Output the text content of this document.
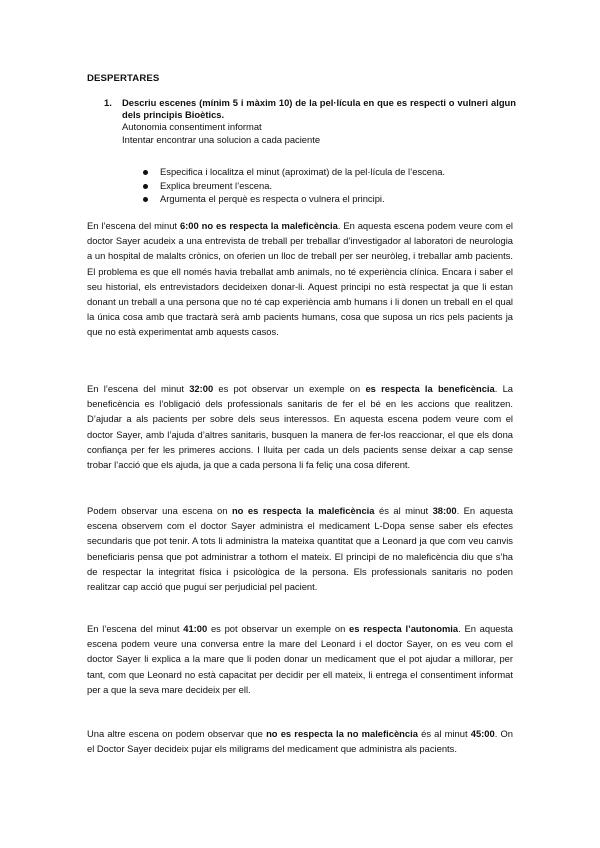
DESPERTARES
1. Descriu escenes (mínim 5 i màxim 10) de la pel·lícula en que es respecti o vulneri algun dels principis Bioètics.
Autonomia consentiment informat
Intentar encontrar una solucion a cada paciente
Especifica i localitza el minut (aproximat) de la pel·lícula de l’escena.
Explica breument l’escena.
Argumenta el perquè es respecta o vulnera el principi.

En l’escena del minut 6:00 no es respecta la maleficència. En aquesta escena podem veure com el doctor Sayer acudeix a una entrevista de treball per treballar d’investigador al laboratori de neurologia a un hospital de malalts crònics, on oferien un lloc de treball per ser neuròleg, i treballar amb pacients. El problema es que ell només havia treballat amb animals, no té experiència clínica. Encara i saber el seu historial, els entrevistadors decideixen donar-li. Aquest principi no està respectat ja que li estan donant un treball a una persona que no té cap experiència amb humans i li donen un treball en el qual la única cosa amb que tractarà serà amb pacients humans, cosa que suposa un rics pels pacients ja que no està experimentat amb aquests casos.

En l’escena del minut 32:00 es pot observar un exemple on es respecta la beneficència. La beneficència es l’obligació dels professionals sanitaris de fer el bé en les accions que realitzen. D’ajudar a als pacients per sobre dels seus interessos. En aquesta escena podem veure com el doctor Sayer, amb l’ajuda d’altres sanitaris, busquen la manera de fer-los reaccionar, el que els dona confiança per fer les primeres accions. I lluita per cada un dels pacients sense deixar a cap sense trobar l’acció que els ajuda, ja que a cada persona li fa feliç una cosa diferent.

Podem observar una escena on no es respecta la maleficència és al minut 38:00. En aquesta escena observem com el doctor Sayer administra el medicament L-Dopa sense saber els efectes secundaris que pot tenir. A tots li administra la mateixa quantitat que a Leonard ja que com veu canvis beneficiaris pensa que pot administrar a tothom el mateix. El principi de no maleficència diu que s’ha de respectar la integritat física i psicològica de la persona. Els professionals sanitaris no poden realitzar cap acció que pugui ser perjudicial pel pacient.

En l’escena del minut 41:00 es pot observar un exemple on es respecta l’autonomia. En aquesta escena podem veure una conversa entre la mare del Leonard i el doctor Sayer, on es veu com el doctor Sayer li explica a la mare que li poden donar un medicament que el pot ajudar a millorar, per tant, com que Leonard no està capacitat per decidir per ell mateix, li entrega el consentiment informat per a que la seva mare decideix per ell.

Una altre escena on podem observar que no es respecta la no maleficència és al minut 45:00. On el Doctor Sayer decideix pujar els miligrams del medicament que administra als pacients.
